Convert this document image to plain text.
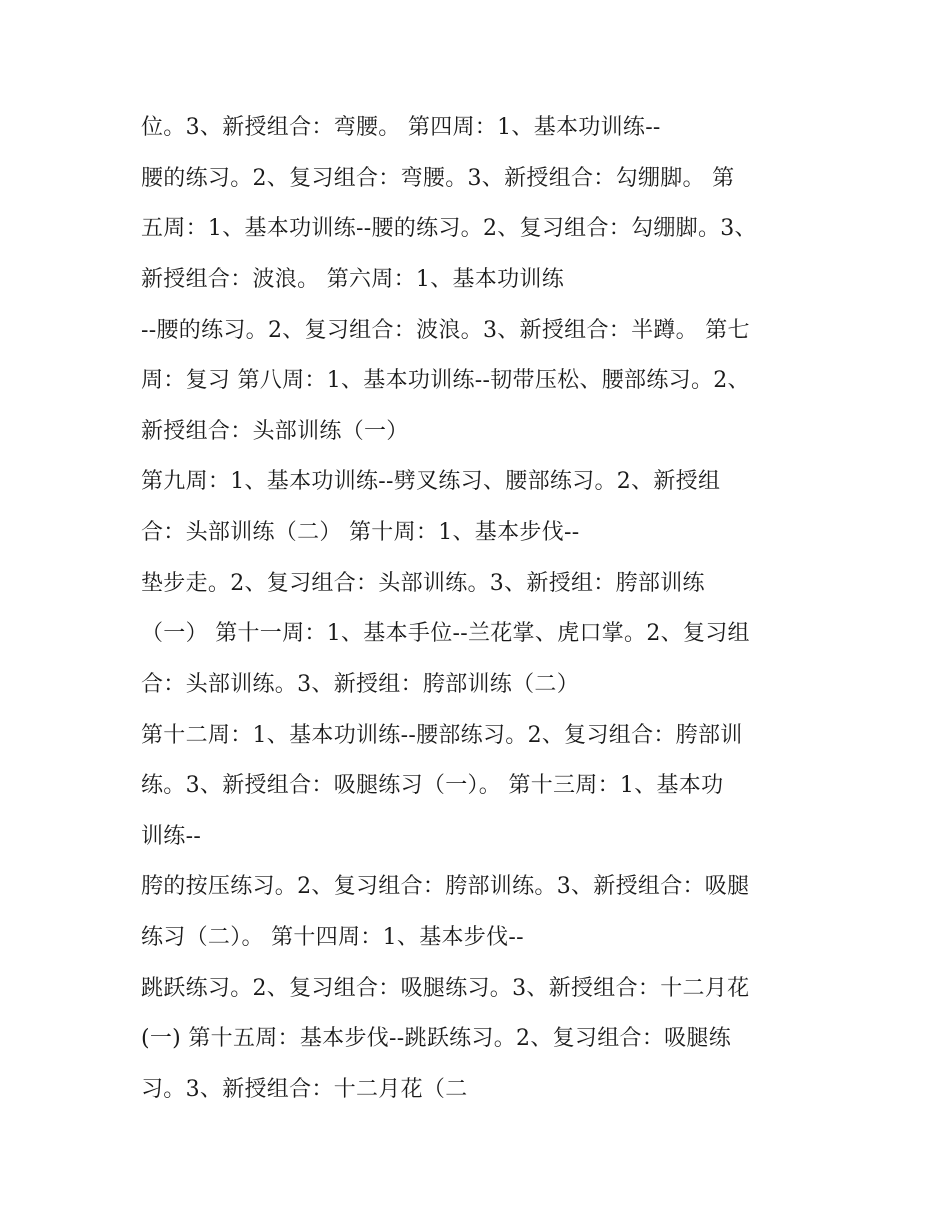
位。3、新授组合：弯腰。 第四周：1、基本功训练--

腰的练习。2、复习组合：弯腰。3、新授组合：勾绷脚。 第

五周：1、基本功训练--腰的练习。2、复习组合：勾绷脚。3、

新授组合：波浪。 第六周：1、基本功训练

--腰的练习。2、复习组合：波浪。3、新授组合：半蹲。 第七

周：复习 第八周：1、基本功训练--韧带压松、腰部练习。2、

新授组合：头部训练（一）

第九周：1、基本功训练--劈叉练习、腰部练习。2、新授组

合：头部训练（二） 第十周：1、基本步伐--

垫步走。2、复习组合：头部训练。3、新授组：胯部训练

（一） 第十一周：1、基本手位--兰花掌、虎口掌。2、复习组

合：头部训练。3、新授组：胯部训练（二）

第十二周：1、基本功训练--腰部练习。2、复习组合：胯部训

练。3、新授组合：吸腿练习（一）。 第十三周：1、基本功

训练--

胯的按压练习。2、复习组合：胯部训练。3、新授组合：吸腿

练习（二）。 第十四周：1、基本步伐--

跳跃练习。2、复习组合：吸腿练习。3、新授组合：十二月花

(一) 第十五周：基本步伐--跳跃练习。2、复习组合：吸腿练

习。3、新授组合：十二月花（二
